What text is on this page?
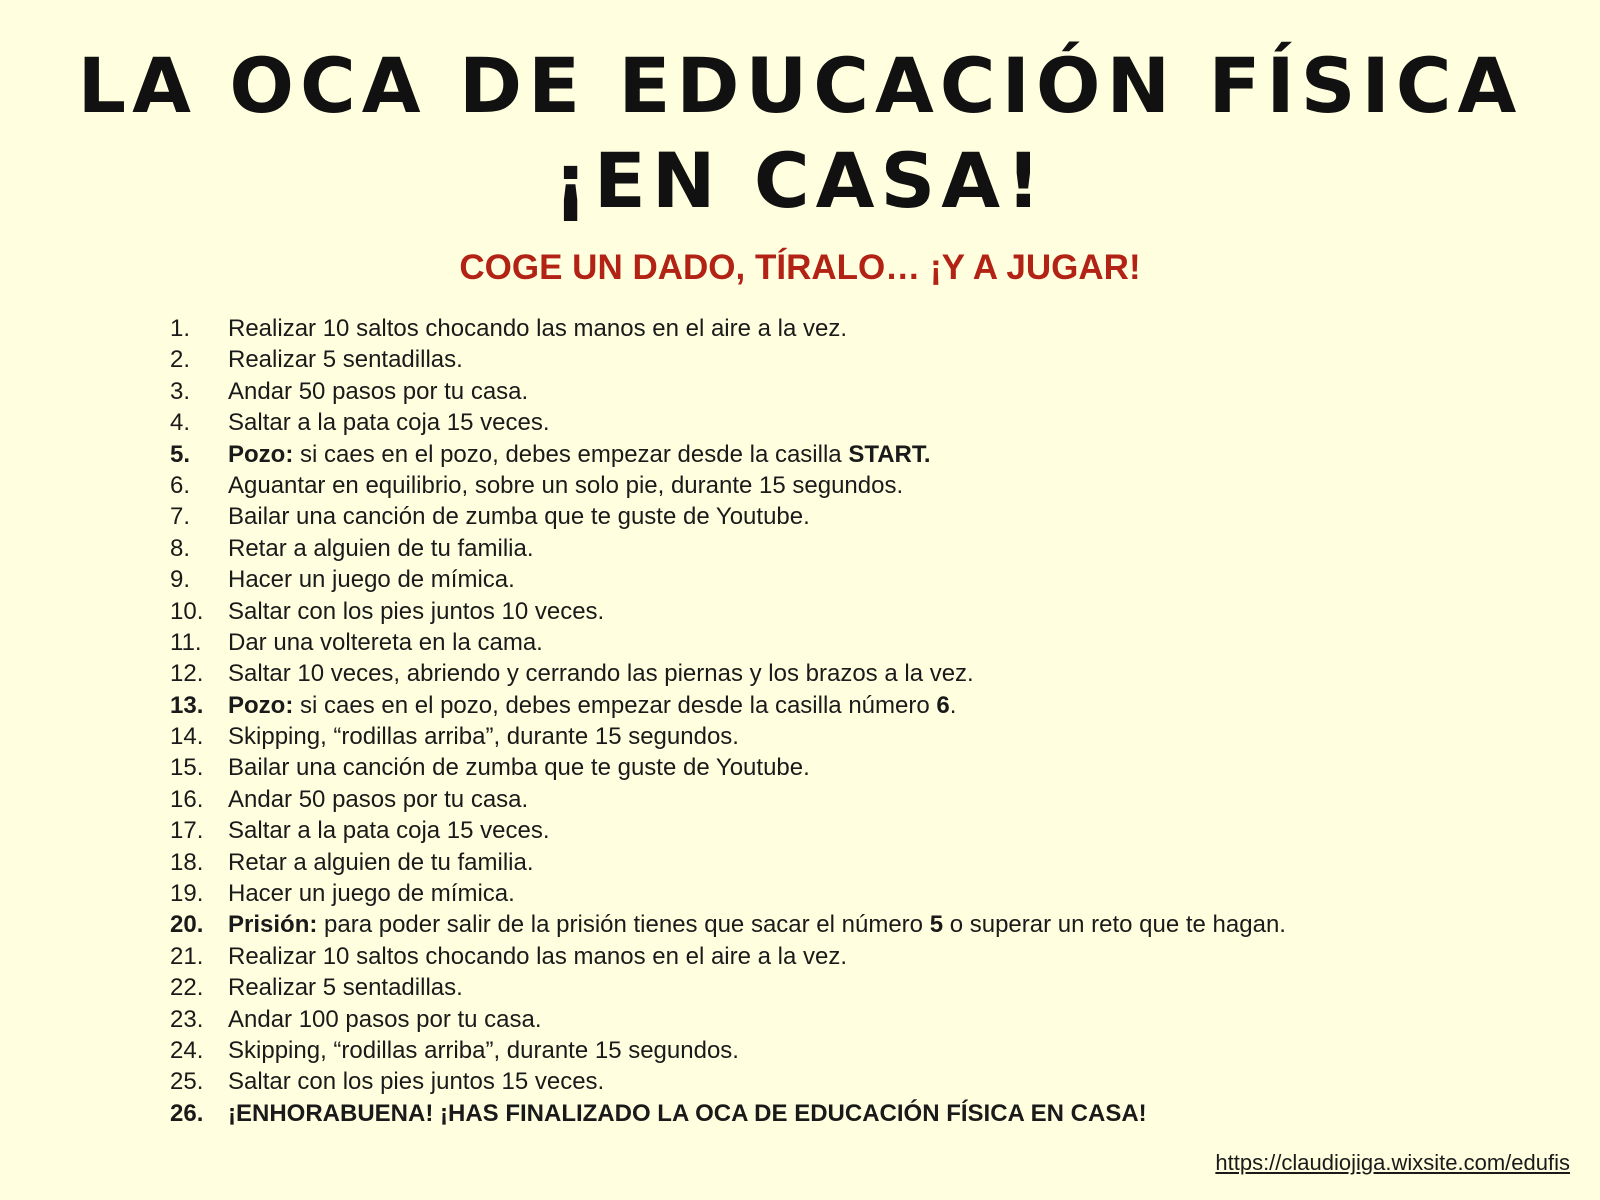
LA OCA DE EDUCACIÓN FÍSICA
¡EN CASA!
COGE UN DADO, TÍRALO… ¡Y A JUGAR!
1. Realizar 10 saltos chocando las manos en el aire a la vez.
2. Realizar 5 sentadillas.
3. Andar 50 pasos por tu casa.
4. Saltar a la pata coja 15 veces.
5. Pozo: si caes en el pozo, debes empezar desde la casilla START.
6. Aguantar en equilibrio, sobre un solo pie, durante 15 segundos.
7. Bailar una canción de zumba que te guste de Youtube.
8. Retar a alguien de tu familia.
9. Hacer un juego de mímica.
10. Saltar con los pies juntos 10 veces.
11. Dar una voltereta en la cama.
12. Saltar 10 veces, abriendo y cerrando las piernas y los brazos a la vez.
13. Pozo: si caes en el pozo, debes empezar desde la casilla número 6.
14. Skipping, “rodillas arriba”, durante 15 segundos.
15. Bailar una canción de zumba que te guste de Youtube.
16. Andar 50 pasos por tu casa.
17. Saltar a la pata coja 15 veces.
18. Retar a alguien de tu familia.
19. Hacer un juego de mímica.
20. Prisión: para poder salir de la prisión tienes que sacar el número 5 o superar un reto que te hagan.
21. Realizar 10 saltos chocando las manos en el aire a la vez.
22. Realizar 5 sentadillas.
23. Andar 100 pasos por tu casa.
24. Skipping, “rodillas arriba”, durante 15 segundos.
25. Saltar con los pies juntos 15 veces.
26. ¡ENHORABUENA! ¡HAS FINALIZADO LA OCA DE EDUCACIÓN FÍSICA EN CASA!
https://claudiojiga.wixsite.com/edufis
